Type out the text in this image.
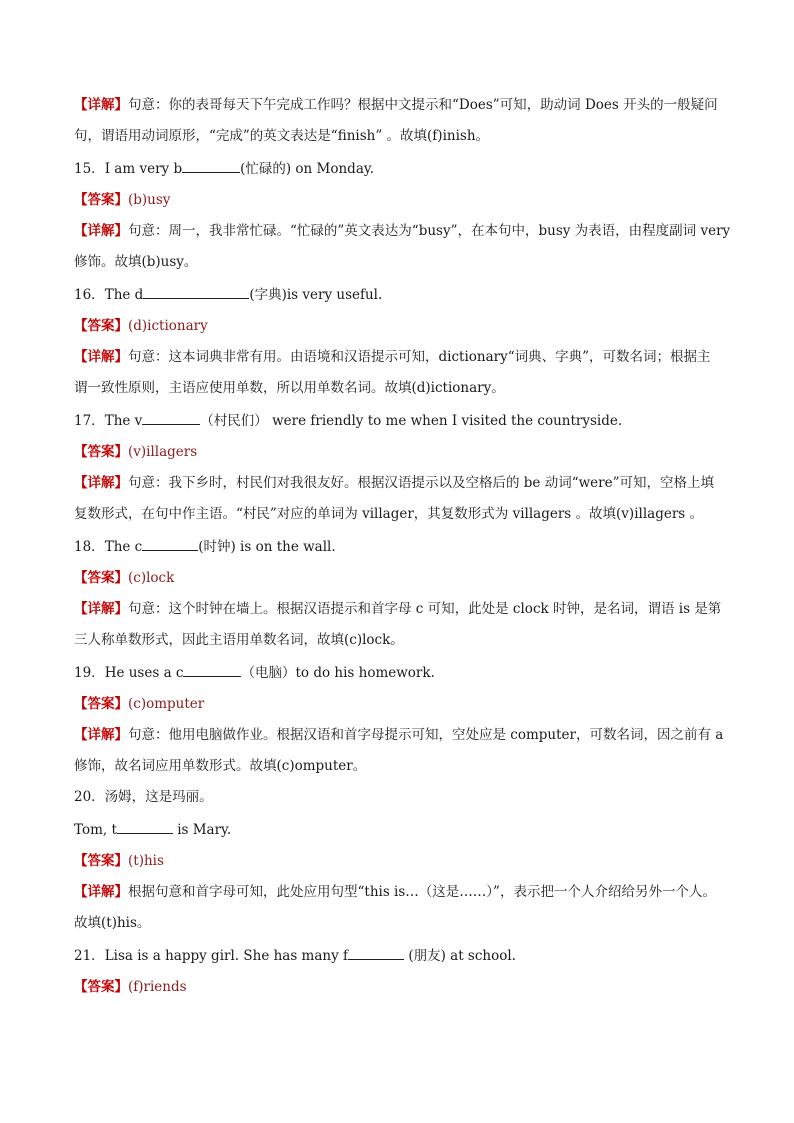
【详解】句意：你的表哥每天下午完成工作吗？根据中文提示和“Does”可知，助动词 Does 开头的一般疑问
句，谓语用动词原形，“完成”的英文表达是“finish” 。故填(f)inish。
15．I am very b	(忙碌的) on Monday.
【答案】(b)usy
【详解】句意：周一，我非常忙碌。“忙碌的”英文表达为“busy”，在本句中，busy 为表语，由程度副词 very
修饰。故填(b)usy。
16．The d	(字典)is very useful.
【答案】(d)ictionary
【详解】句意：这本词典非常有用。由语境和汉语提示可知，dictionary“词典、字典”，可数名词；根据主
谓一致性原则，主语应使用单数，所以用单数名词。故填(d)ictionary。
17．The v	（村民们） were friendly to me when I visited the countryside.
【答案】(v)illagers
【详解】句意：我下乡时，村民们对我很友好。根据汉语提示以及空格后的 be 动词“were”可知，空格上填
复数形式，在句中作主语。“村民”对应的单词为 villager，其复数形式为 villagers 。故填(v)illagers 。
18．The c	(时钟) is on the wall.
【答案】(c)lock
【详解】句意：这个时钟在墙上。根据汉语提示和首字母 c 可知，此处是 clock 时钟，是名词，谓语 is 是第
三人称单数形式，因此主语用单数名词，故填(c)lock。
19．He uses a c	（电脑）to do his homework.
【答案】(c)omputer
【详解】句意：他用电脑做作业。根据汉语和首字母提示可知，空处应是 computer，可数名词，因之前有 a
修饰，故名词应用单数形式。故填(c)omputer。
20．汤姆，这是玛丽。
Tom, t	is Mary.
【答案】(t)his
【详解】根据句意和首字母可知，此处应用句型“this is…（这是……）”，表示把一个人介绍给另外一个人。
故填(t)his。
21．Lisa is a happy girl. She has many f	(朋友) at school.
【答案】(f)riends
